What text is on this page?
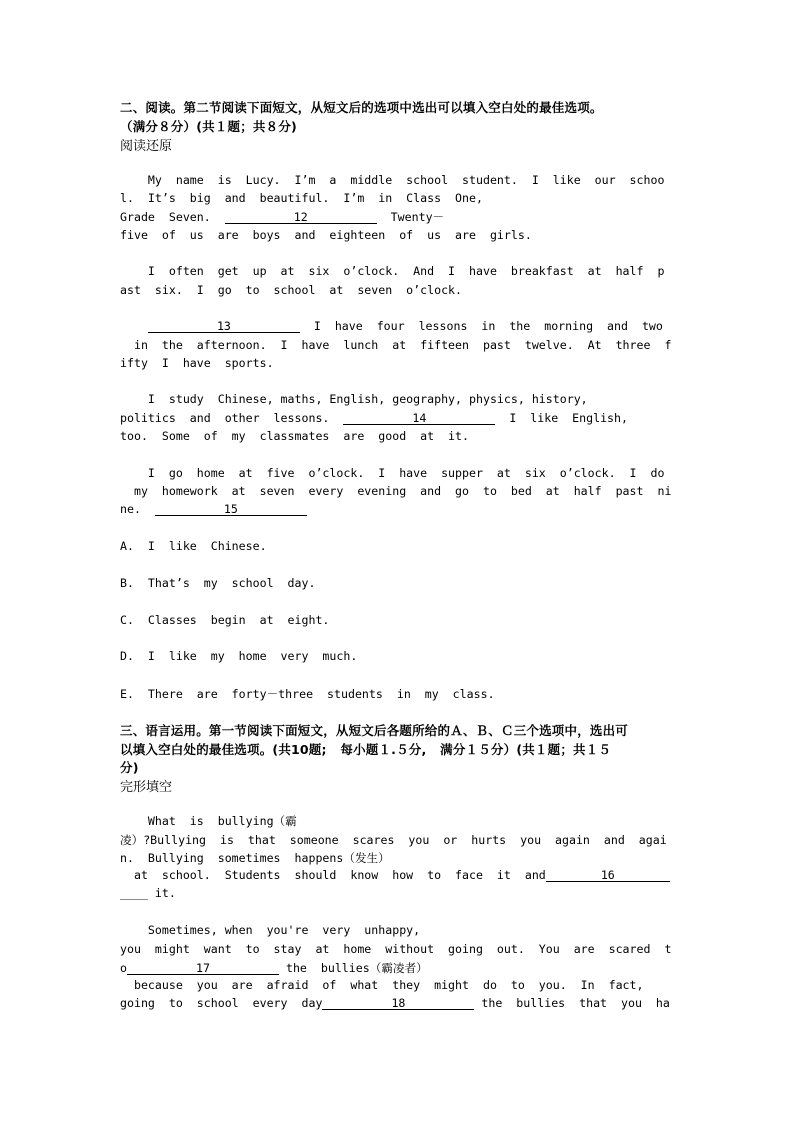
二、阅读。第二节阅读下面短文，从短文后的选项中选出可以填入空白处的最佳选项。
（满分８分）(共１题；共８分)
阅读还原
My  name  is  Lucy.  I’m  a  middle  school  student.  I  like  our  schoo
l.  It’s  big  and  beautiful.  I’m  in  Class  One,
Grade  Seven.	12	Twenty－
five  of  us  are  boys  and  eighteen  of  us  are  girls.
I  often  get  up  at  six  o’clock.  And  I  have  breakfast  at  half  p
ast  six.  I  go  to  school  at  seven  o’clock.
13	I  have  four  lessons  in  the  morning  and  two
in  the  afternoon.  I  have  lunch  at  fifteen  past  twelve.  At  three  f
ifty  I  have  sports.
I  study  Chinese, maths, English, geography, physics, history,
politics  and  other  lessons.	14	I  like  English,
too.  Some  of  my  classmates  are  good  at  it.
I  go  home  at  five  o’clock.  I  have  supper  at  six  o’clock.  I  do
my  homework  at  seven  every  evening  and  go  to  bed  at  half  past  ni
ne.	15
A.  I  like  Chinese.
B.  That’s  my  school  day.
C.  Classes  begin  at  eight.
D.  I  like  my  home  very  much.
E.  There  are  forty－three  students  in  my  class.
三、语言运用。第一节阅读下面短文，从短文后各题所给的Ａ、Ｂ、Ｃ三个选项中，选出可
以填入空白处的最佳选项。(共10题;   每小题１.５分,   满分１５分）(共１题；共１５
分)
完形填空
What  is  bullying（霸
凌）?Bullying  is  that  someone  scares  you  or  hurts  you  again  and  agai
n.  Bullying  sometimes  happens（发生）
at  school.  Students  should  know  how  to  face  it  and	16
____ it.
Sometimes, when  you're  very  unhappy,
you  might  want  to  stay  at  home  without  going  out.  You  are  scared  t
o	17	the  bullies（霸凌者）
because  you  are  afraid  of  what  they  might  do  to  you.  In  fact,
going  to  school  every  day	18	the  bullies  that  you  ha
